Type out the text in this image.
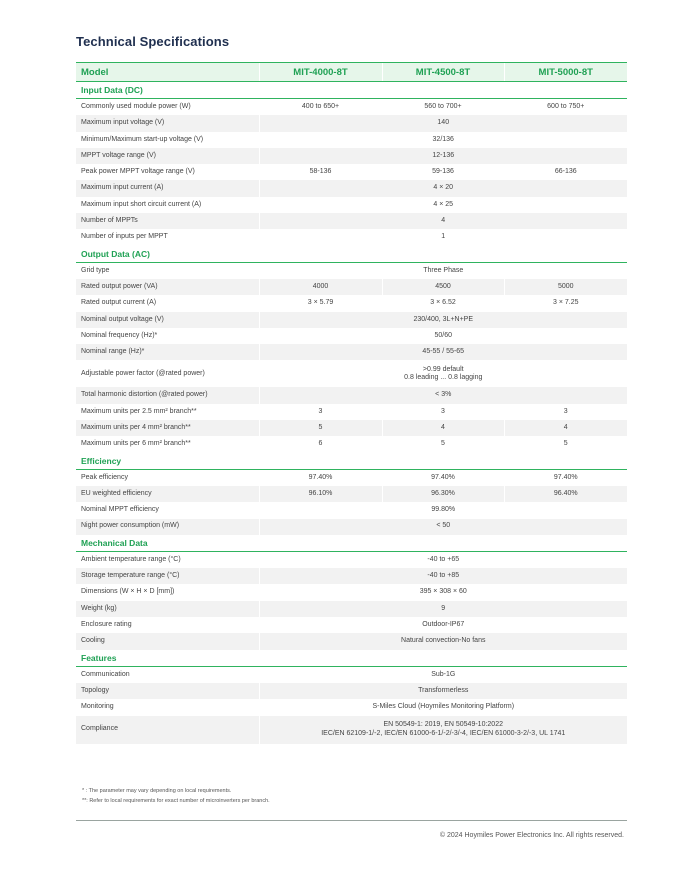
Technical Specifications
Model	MIT-4000-8T	MIT-4500-8T	MIT-5000-8T
Input Data (DC)			
Commonly used module power (W)	400 to 650+	560 to 700+	600 to 750+
Maximum input voltage (V)	140		
Minimum/Maximum start-up voltage (V)	32/136		
MPPT voltage range (V)	12-136		
Peak power MPPT voltage range (V)	58-136	59-136	66-136
Maximum input current (A)	4 × 20		
Maximum input short circuit current (A)	4 × 25		
Number of MPPTs	4		
Number of inputs per MPPT	1		
Output Data (AC)			
Grid type	Three Phase		
Rated output power (VA)	4000	4500	5000
Rated output current (A)	3 × 5.79	3 × 6.52	3 × 7.25
Nominal output voltage (V)	230/400, 3L+N+PE		
Nominal frequency (Hz)*	50/60		
Nominal range (Hz)*	45-55 / 55-65		
Adjustable power factor (@rated power)	>0.99 default
0.8 leading ... 0.8 lagging		
Total harmonic distortion (@rated power)	< 3%		
Maximum units per 2.5 mm² branch**	3	3	3
Maximum units per 4 mm² branch**	5	4	4
Maximum units per 6 mm² branch**	6	5	5
Efficiency			
Peak efficiency	97.40%	97.40%	97.40%
EU weighted efficiency	96.10%	96.30%	96.40%
Nominal MPPT efficiency	99.80%		
Night power consumption (mW)	< 50		
Mechanical Data			
Ambient temperature range (°C)	-40 to +65		
Storage temperature range (°C)	-40 to +85		
Dimensions (W × H × D [mm])	395 × 308 × 60		
Weight (kg)	9		
Enclosure rating	Outdoor-IP67		
Cooling	Natural convection-No fans		
Features			
Communication	Sub-1G		
Topology	Transformerless		
Monitoring	S-Miles Cloud (Hoymiles Monitoring Platform)		
Compliance	EN 50549-1: 2019, EN 50549-10:2022
IEC/EN 62109-1/-2, IEC/EN 61000-6-1/-2/-3/-4, IEC/EN 61000-3-2/-3, UL 1741		
* : The parameter may vary depending on local requirements.
**: Refer to local requirements for exact number of microinverters per branch.
© 2024 Hoymiles Power Electronics Inc. All rights reserved.
